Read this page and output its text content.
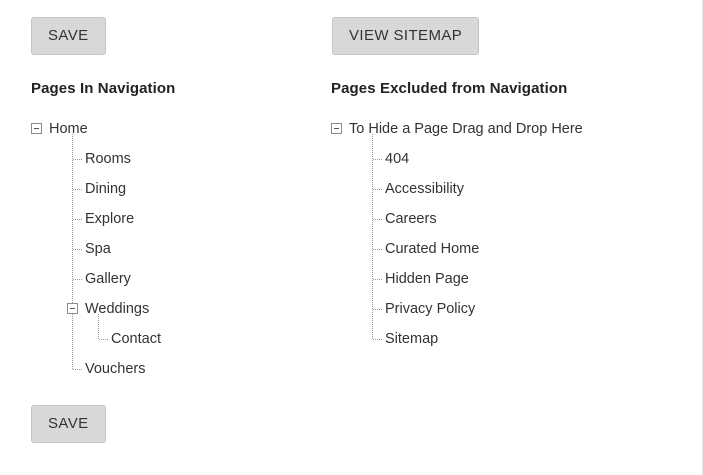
SAVE	VIEW SITEMAP
Pages In Navigation
Home
Rooms
Dining
Explore
Spa
Gallery
Weddings
Contact
Vouchers
Pages Excluded from Navigation
To Hide a Page Drag and Drop Here
404
Accessibility
Careers
Curated Home
Hidden Page
Privacy Policy
Sitemap
SAVE
